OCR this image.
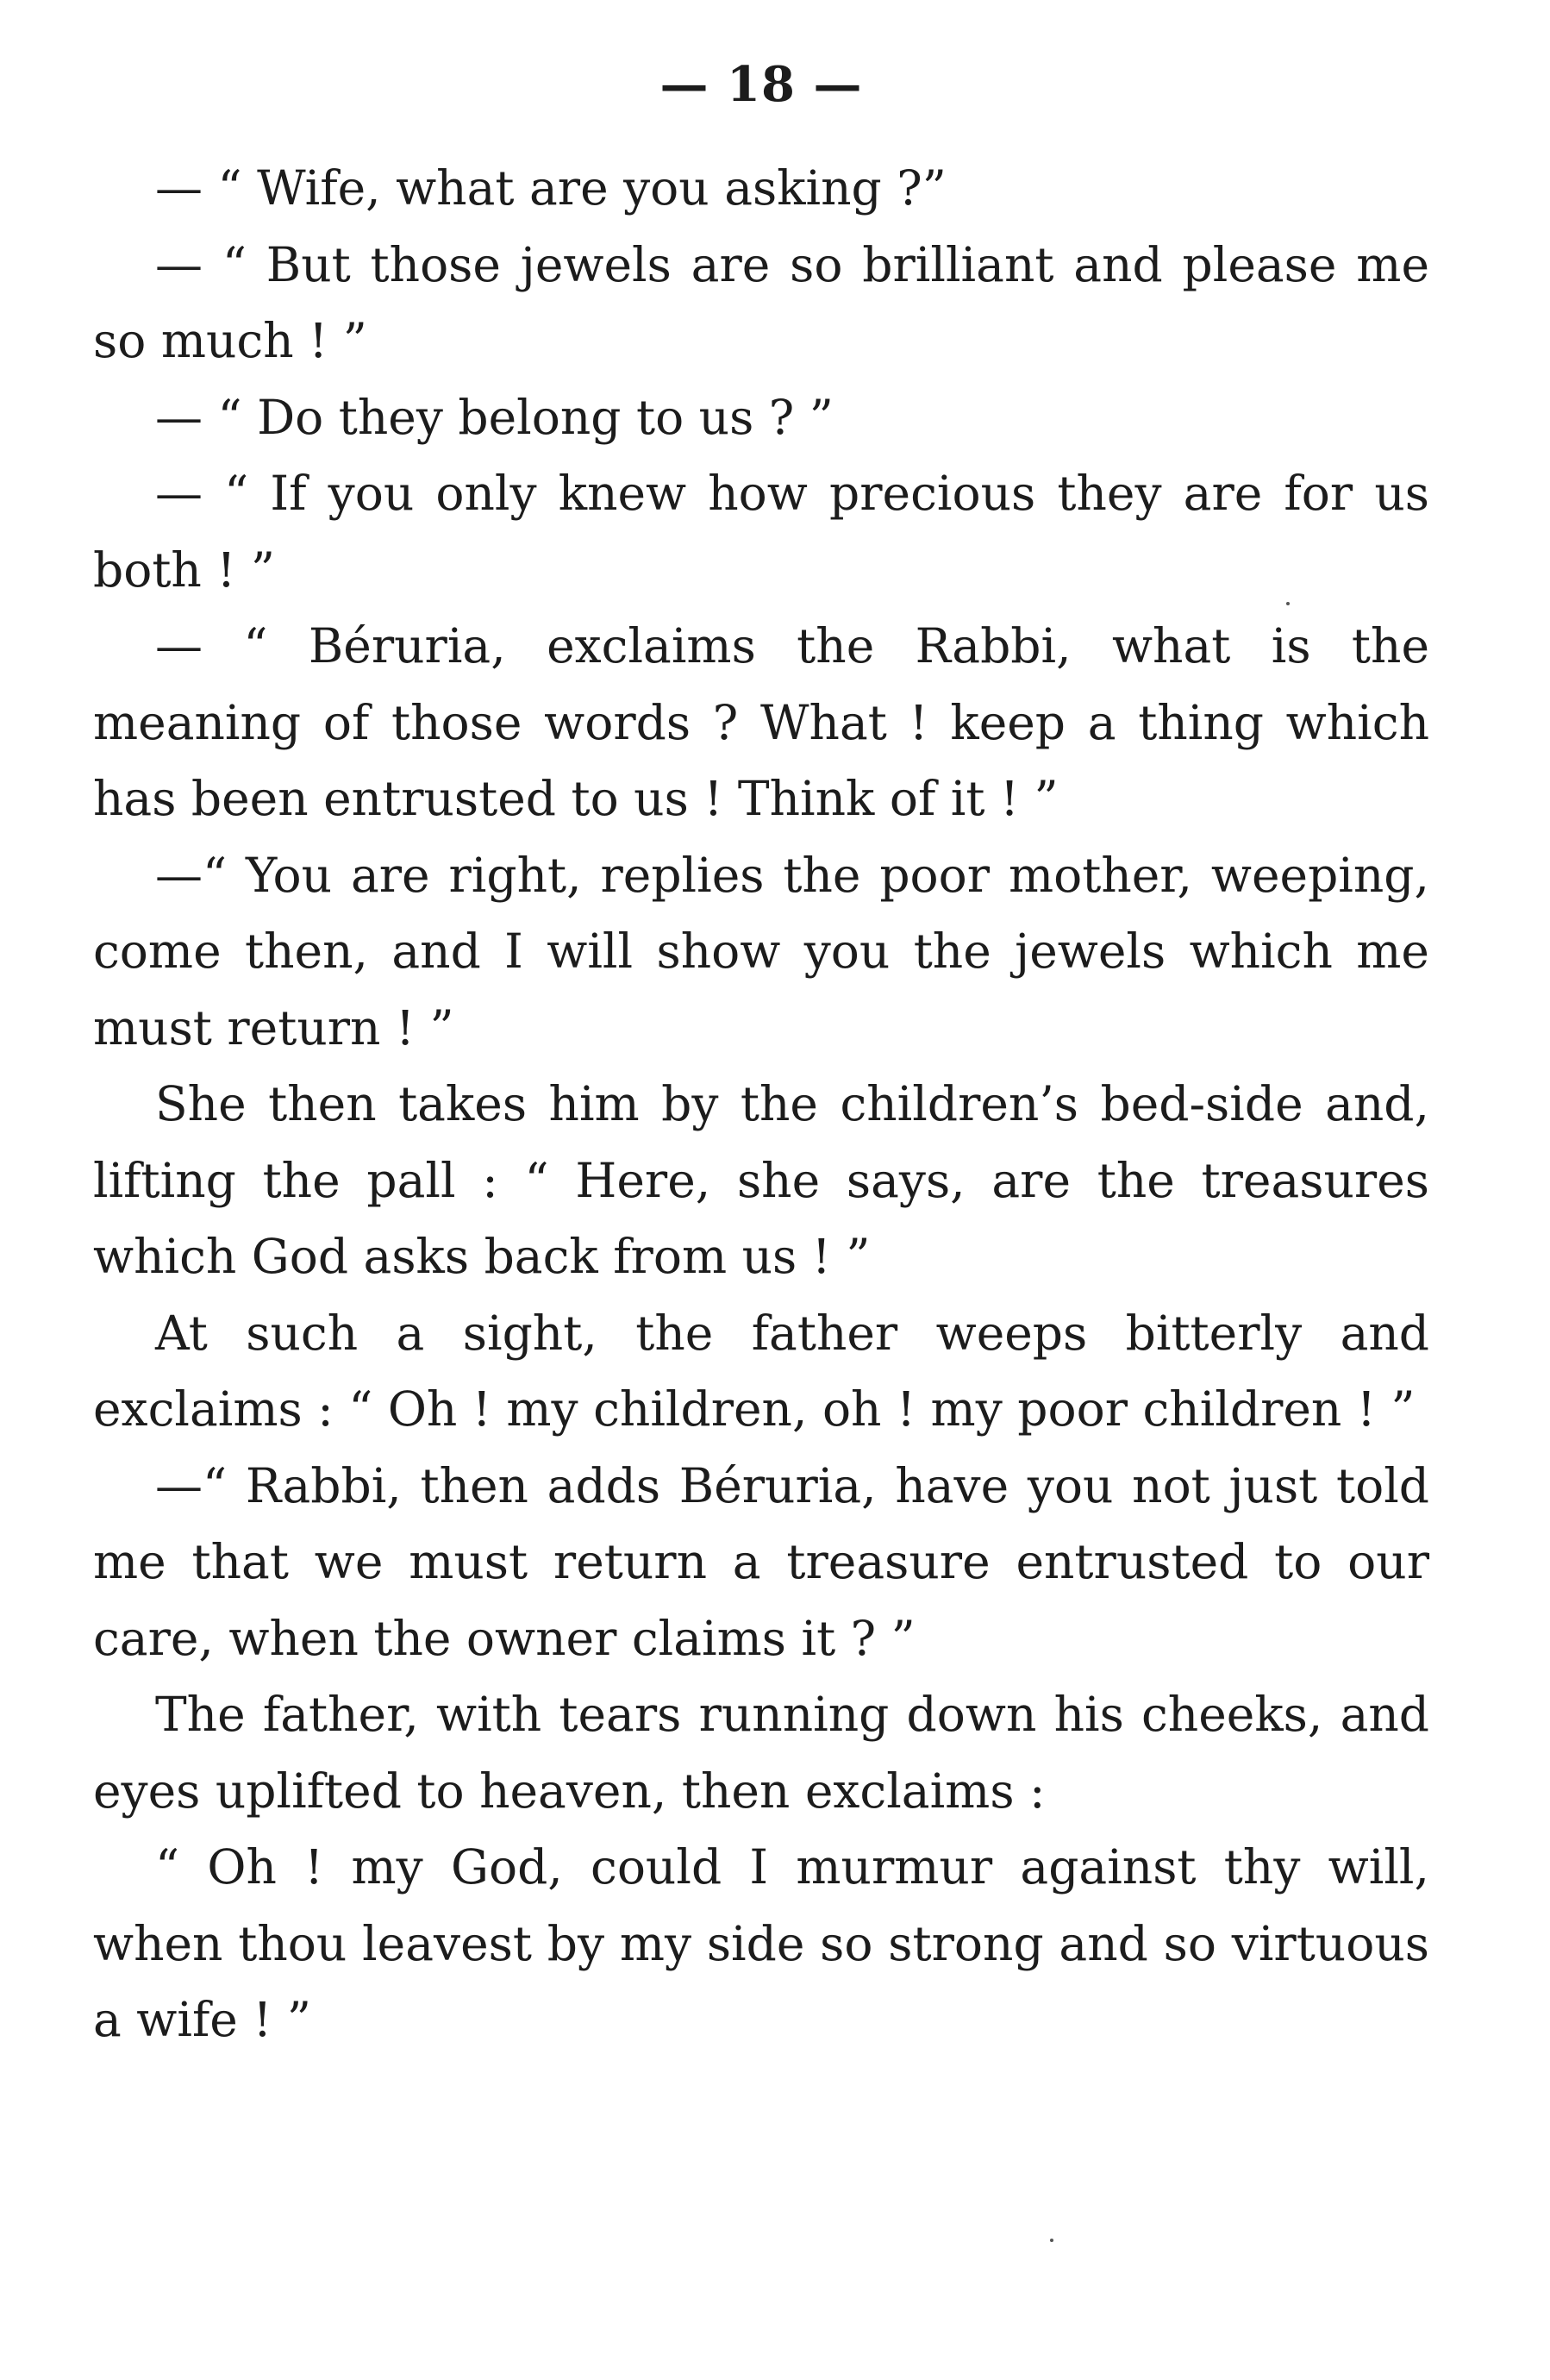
— 18 —

— “ Wife, what are you asking ?”

— “ But those jewels are so brilliant and please me so much ! ”

— “ Do they belong to us ? ”

— “ If you only knew how precious they are for us both ! ”

— “ Béruria, exclaims the Rabbi, what is the meaning of those words ? What ! keep a thing which has been entrusted to us ! Think of it ! ”

—“ You are right, replies the poor mother, weeping, come then, and I will show you the jewels which me must return ! ”

She then takes him by the children’s bed-side and, lifting the pall : “ Here, she says, are the treasures which God asks back from us ! ”

At such a sight, the father weeps bitterly and exclaims : “ Oh ! my children, oh ! my poor children ! ”

—“ Rabbi, then adds Béruria, have you not just told me that we must return a treasure entrusted to our care, when the owner claims it ? ”

The father, with tears running down his cheeks, and eyes uplifted to heaven, then exclaims :

“ Oh ! my God, could I murmur against thy will, when thou leavest by my side so strong and so virtuous a wife ! ”
